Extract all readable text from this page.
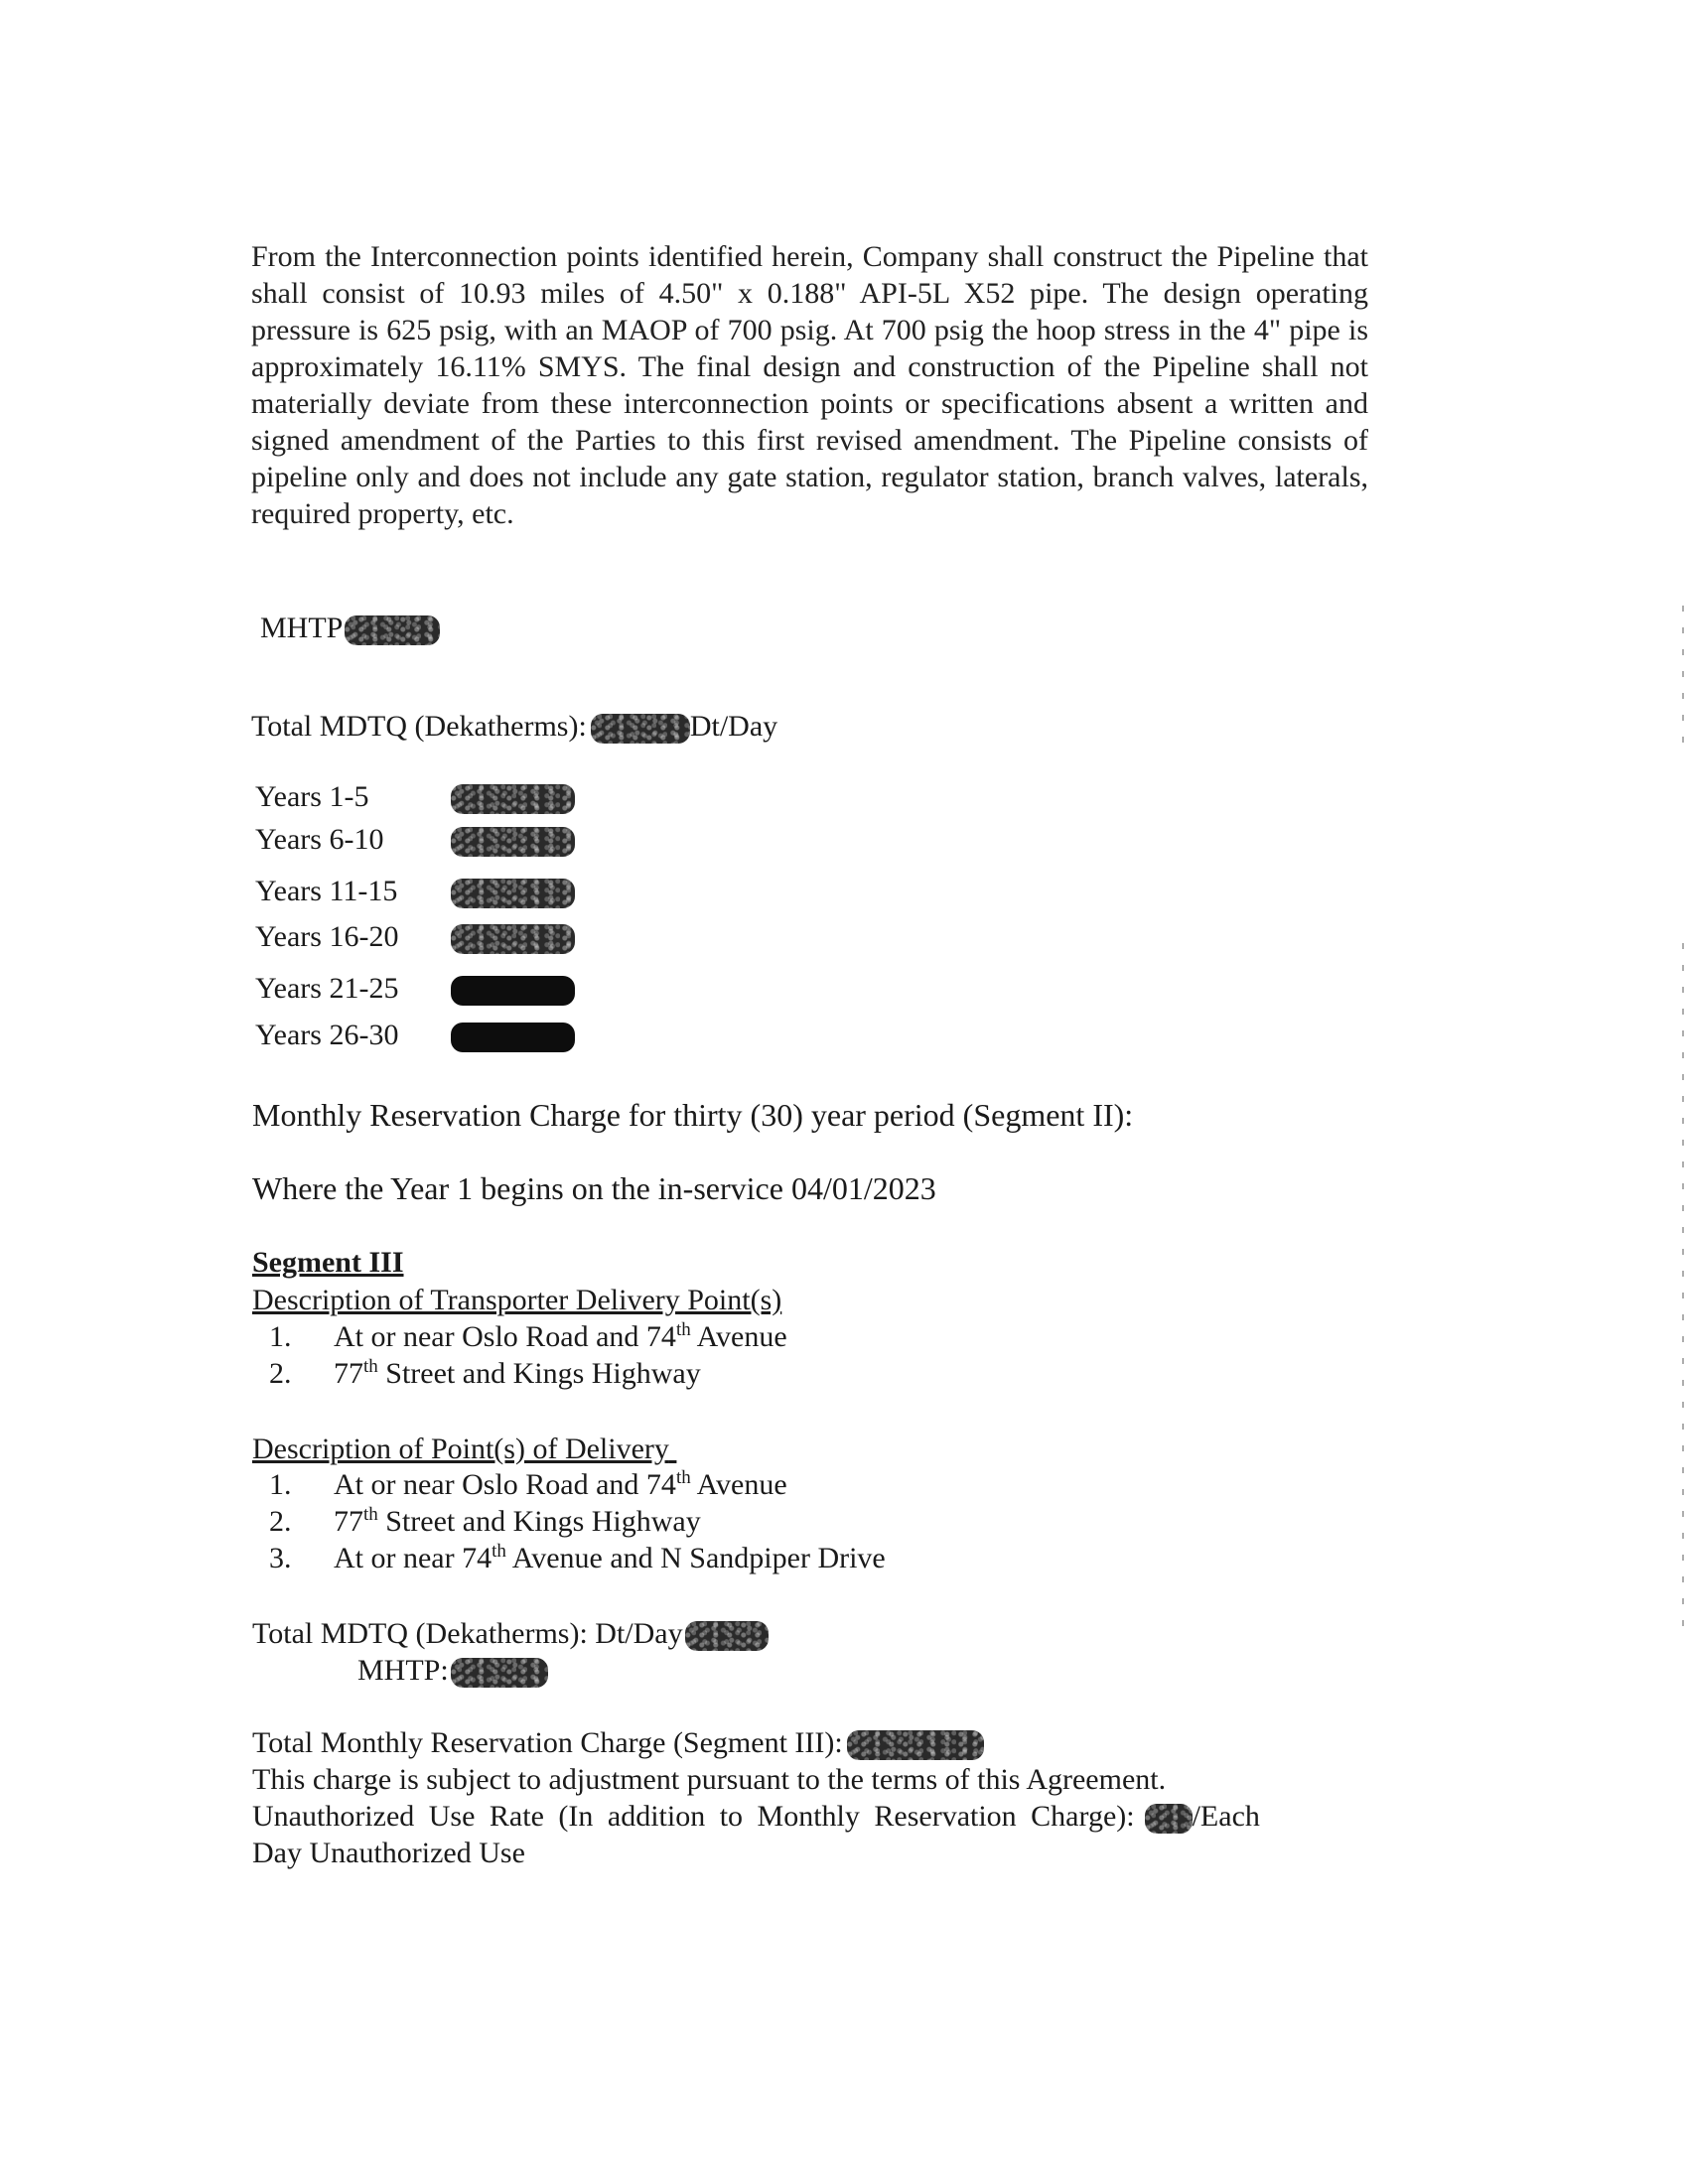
From the Interconnection points identified herein, Company shall construct the Pipeline that shall consist of 10.93 miles of 4.50" x 0.188" API-5L X52 pipe. The design operating pressure is 625 psig, with an MAOP of 700 psig. At 700 psig the hoop stress in the 4" pipe is approximately 16.11% SMYS. The final design and construction of the Pipeline shall not materially deviate from these interconnection points or specifications absent a written and signed amendment of the Parties to this first revised amendment. The Pipeline consists of pipeline only and does not include any gate station, regulator station, branch valves, laterals, required property, etc.

MHTP
Total MDTQ (Dekatherms):	Dt/Day
Years 1-5
Years 6-10
Years 11-15
Years 16-20
Years 21-25
Years 26-30
Monthly Reservation Charge for thirty (30) year period (Segment II):
Where the Year 1 begins on the in-service 04/01/2023
Segment III
Description of Transporter Delivery Point(s)
1. At or near Oslo Road and 74th Avenue
2. 77th Street and Kings Highway
Description of Point(s) of Delivery
1. At or near Oslo Road and 74th Avenue
2. 77th Street and Kings Highway
3. At or near 74th Avenue and N Sandpiper Drive
Total MDTQ (Dekatherms): Dt/Day
MHTP:
Total Monthly Reservation Charge (Segment III):
This charge is subject to adjustment pursuant to the terms of this Agreement.
Unauthorized Use Rate (In addition to Monthly Reservation Charge): /Each
Day Unauthorized Use
